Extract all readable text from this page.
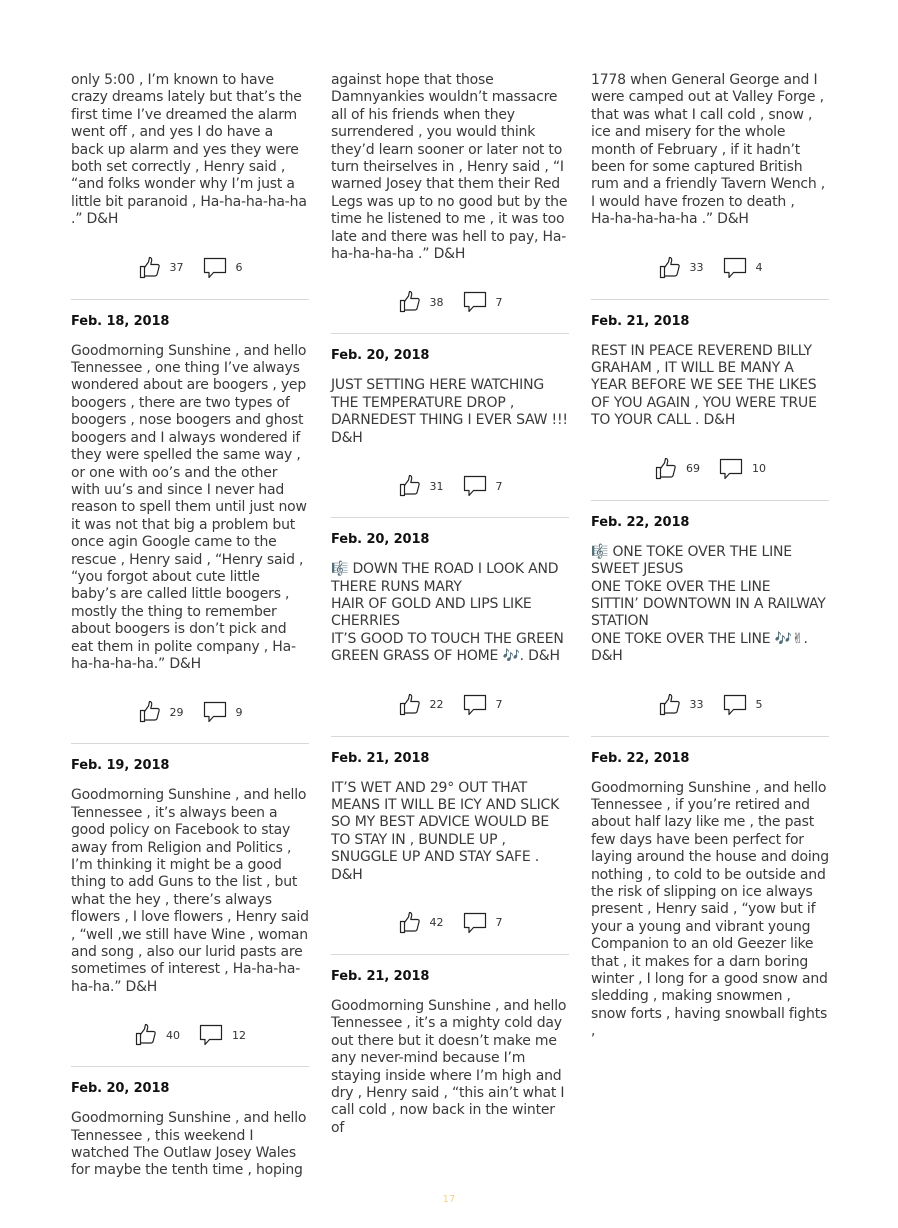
only 5:00 , I’m known to have crazy dreams lately but that’s the first time I’ve dreamed the alarm went off , and yes I do have a back up alarm and yes they were both set correctly , Henry said , “and folks wonder why I’m just a little bit paranoid , Ha-ha-ha-ha-ha .” D&H

37	6

Feb. 18, 2018

Goodmorning Sunshine , and hello Tennessee , one thing I’ve always wondered about are boogers , yep boogers , there are two types of boogers , nose boogers and ghost boogers and I always wondered if they were spelled the same way , or one with oo’s and the other with uu’s and since I never had reason to spell them until just now it was not that big a problem but once agin Google came to the rescue , Henry said , “Henry said , “you forgot about cute little baby’s are called little boogers , mostly the thing to remember about boogers is don’t pick and eat them in polite company , Ha-ha-ha-ha-ha.” D&H

29	9

Feb. 19, 2018

Goodmorning Sunshine , and hello Tennessee , it’s always been a good policy on Facebook to stay away from Religion and Politics , I’m thinking it might be a good thing to add Guns to the list , but what the hey , there’s always flowers , I love flowers , Henry said , “well ,we still have Wine , woman and song , also our lurid pasts are sometimes of interest , Ha-ha-ha-ha-ha.” D&H

40	12

Feb. 20, 2018

Goodmorning Sunshine , and hello Tennessee , this weekend I watched The Outlaw Josey Wales for maybe the tenth time , hoping

against hope that those Damnyankies wouldn’t massacre all of his friends when they surrendered , you would think they’d learn sooner or later not to turn theirselves in , Henry said , “I warned Josey that them their Red Legs was up to no good but by the time he listened to me , it was too late and there was hell to pay, Ha-ha-ha-ha-ha .” D&H

38	7

Feb. 20, 2018

JUST SETTING HERE WATCHING THE TEMPERATURE DROP , DARNEDEST THING I EVER SAW !!! D&H

31	7

Feb. 20, 2018

🎼 DOWN THE ROAD I LOOK AND THERE RUNS MARY
HAIR OF GOLD AND LIPS LIKE CHERRIES
IT’S GOOD TO TOUCH THE GREEN GREEN GRASS OF HOME 🎶. D&H

22	7

Feb. 21, 2018

IT’S WET AND 29° OUT THAT MEANS IT WILL BE ICY AND SLICK SO MY BEST ADVICE WOULD BE TO STAY IN , BUNDLE UP , SNUGGLE UP AND STAY SAFE . D&H

42	7

Feb. 21, 2018

Goodmorning Sunshine , and hello Tennessee , it’s a mighty cold day out there but it doesn’t make me any never-mind because I’m staying inside where I’m high and dry , Henry said , “this ain’t what I call cold , now back in the winter of

1778 when General George and I were camped out at Valley Forge , that was what I call cold , snow , ice and misery for the whole month of February , if it hadn’t been for some captured British rum and a friendly Tavern Wench , I would have frozen to death ,
Ha-ha-ha-ha-ha .” D&H

33	4

Feb. 21, 2018

REST IN PEACE REVEREND BILLY GRAHAM , IT WILL BE MANY A YEAR BEFORE WE SEE THE LIKES OF YOU AGAIN , YOU WERE TRUE TO YOUR CALL . D&H

69	10

Feb. 22, 2018

🎼 ONE TOKE OVER THE LINE SWEET JESUS
ONE TOKE OVER THE LINE
SITTIN’ DOWNTOWN IN A RAILWAY STATION
ONE TOKE OVER THE LINE 🎶✌. D&H

33	5

Feb. 22, 2018

Goodmorning Sunshine , and hello Tennessee , if you’re retired and about half lazy like me , the past few days have been perfect for laying around the house and doing nothing , to cold to be outside and the risk of slipping on ice always present , Henry said , “yow but if your a young and vibrant young Companion to an old Geezer like that , it makes for a darn boring winter , I long for a good snow and sledding , making snowmen , snow forts , having snowball fights ,

17
